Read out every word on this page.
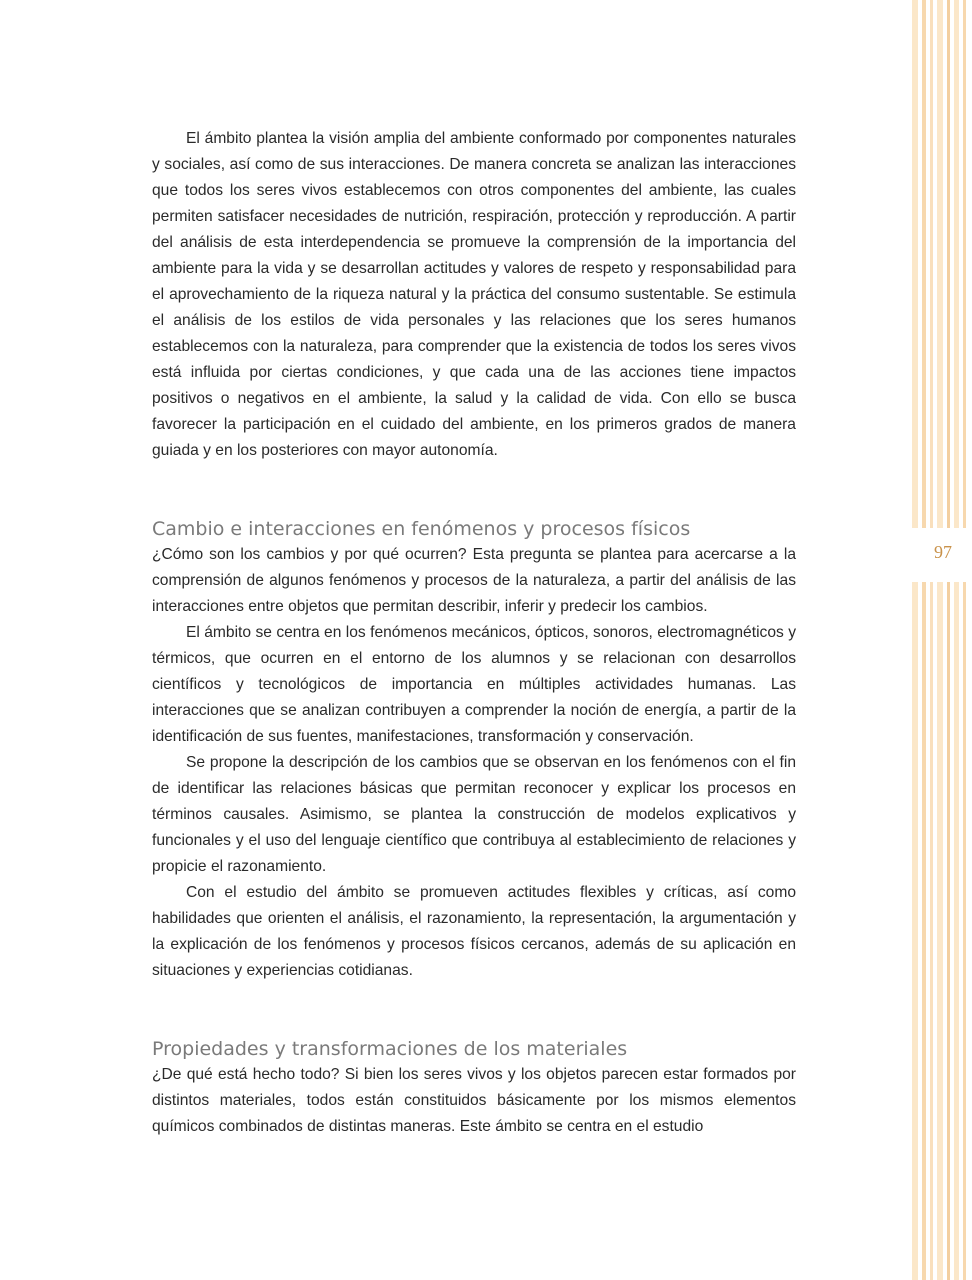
97

El ámbito plantea la visión amplia del ambiente conformado por componentes naturales y sociales, así como de sus interacciones. De manera concreta se analizan las interacciones que todos los seres vivos establecemos con otros componentes del ambiente, las cuales permiten satisfacer necesidades de nutrición, respiración, protección y reproducción. A partir del análisis de esta interdependencia se promueve la comprensión de la importancia del ambiente para la vida y se desarrollan actitudes y valores de respeto y responsabilidad para el aprovechamiento de la riqueza natural y la práctica del consumo sustentable. Se estimula el análisis de los estilos de vida personales y las relaciones que los seres humanos establecemos con la naturaleza, para comprender que la existencia de todos los seres vivos está influida por ciertas condiciones, y que cada una de las acciones tiene impactos positivos o negativos en el ambiente, la salud y la calidad de vida. Con ello se busca favorecer la participación en el cuidado del ambiente, en los primeros grados de manera guiada y en los posteriores con mayor autonomía.

Cambio e interacciones en fenómenos y procesos físicos

¿Cómo son los cambios y por qué ocurren? Esta pregunta se plantea para acercarse a la comprensión de algunos fenómenos y procesos de la naturaleza, a partir del análisis de las interacciones entre objetos que permitan describir, inferir y predecir los cambios.

El ámbito se centra en los fenómenos mecánicos, ópticos, sonoros, electromagnéticos y térmicos, que ocurren en el entorno de los alumnos y se relacionan con desarrollos científicos y tecnológicos de importancia en múltiples actividades humanas. Las interacciones que se analizan contribuyen a comprender la noción de energía, a partir de la identificación de sus fuentes, manifestaciones, transformación y conservación.

Se propone la descripción de los cambios que se observan en los fenómenos con el fin de identificar las relaciones básicas que permitan reconocer y explicar los procesos en términos causales. Asimismo, se plantea la construcción de modelos explicativos y funcionales y el uso del lenguaje científico que contribuya al establecimiento de relaciones y propicie el razonamiento.

Con el estudio del ámbito se promueven actitudes flexibles y críticas, así como habilidades que orienten el análisis, el razonamiento, la representación, la argumentación y la explicación de los fenómenos y procesos físicos cercanos, además de su aplicación en situaciones y experiencias cotidianas.

Propiedades y transformaciones de los materiales

¿De qué está hecho todo? Si bien los seres vivos y los objetos parecen estar formados por distintos materiales, todos están constituidos básicamente por los mismos elementos químicos combinados de distintas maneras. Este ámbito se centra en el estudio
